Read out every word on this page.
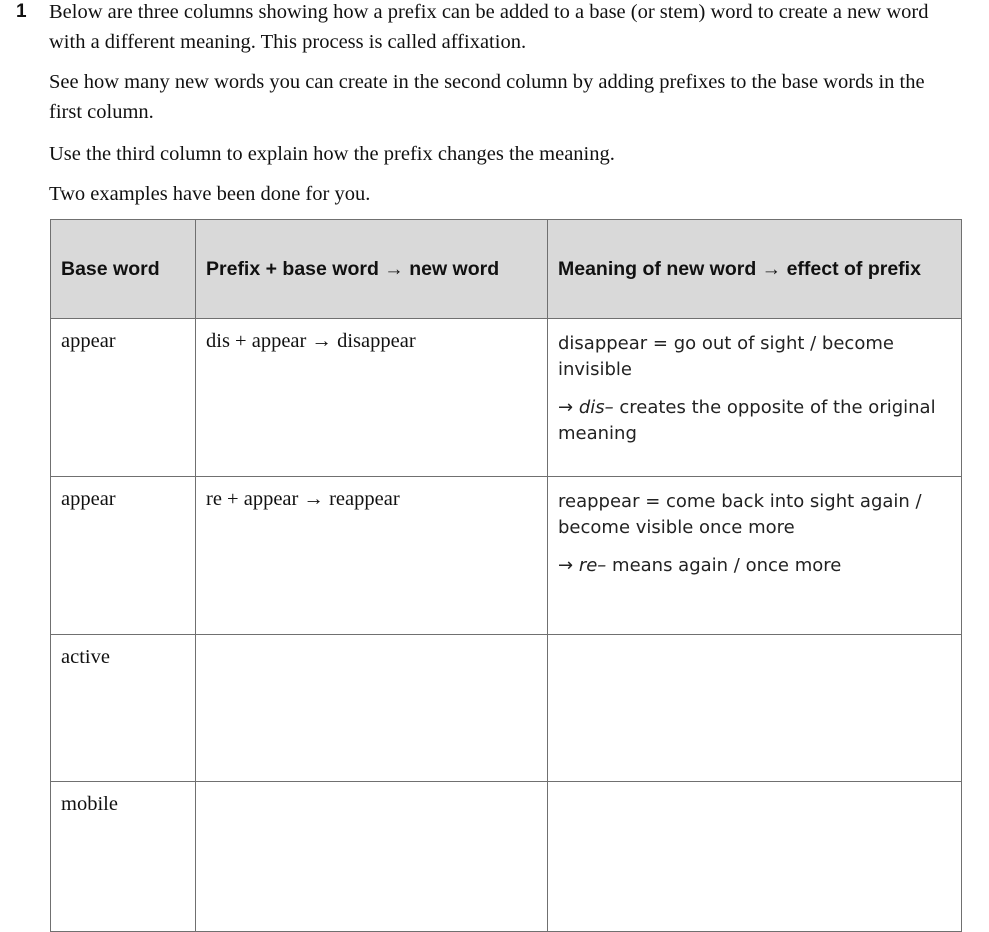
1 Below are three columns showing how a prefix can be added to a base (or stem) word to create a new word with a different meaning. This process is called affixation.
See how many new words you can create in the second column by adding prefixes to the base words in the first column.
Use the third column to explain how the prefix changes the meaning.
Two examples have been done for you.
Base word	Prefix + base word → new word	Meaning of new word → effect of prefix
appear	dis + appear → disappear	disappear = go out of sight / become invisible

→ dis– creates the opposite of the original meaning

appear	re + appear → reappear	reappear = come back into sight again / become visible once more

→ re– means again / once more

active		
mobile		
